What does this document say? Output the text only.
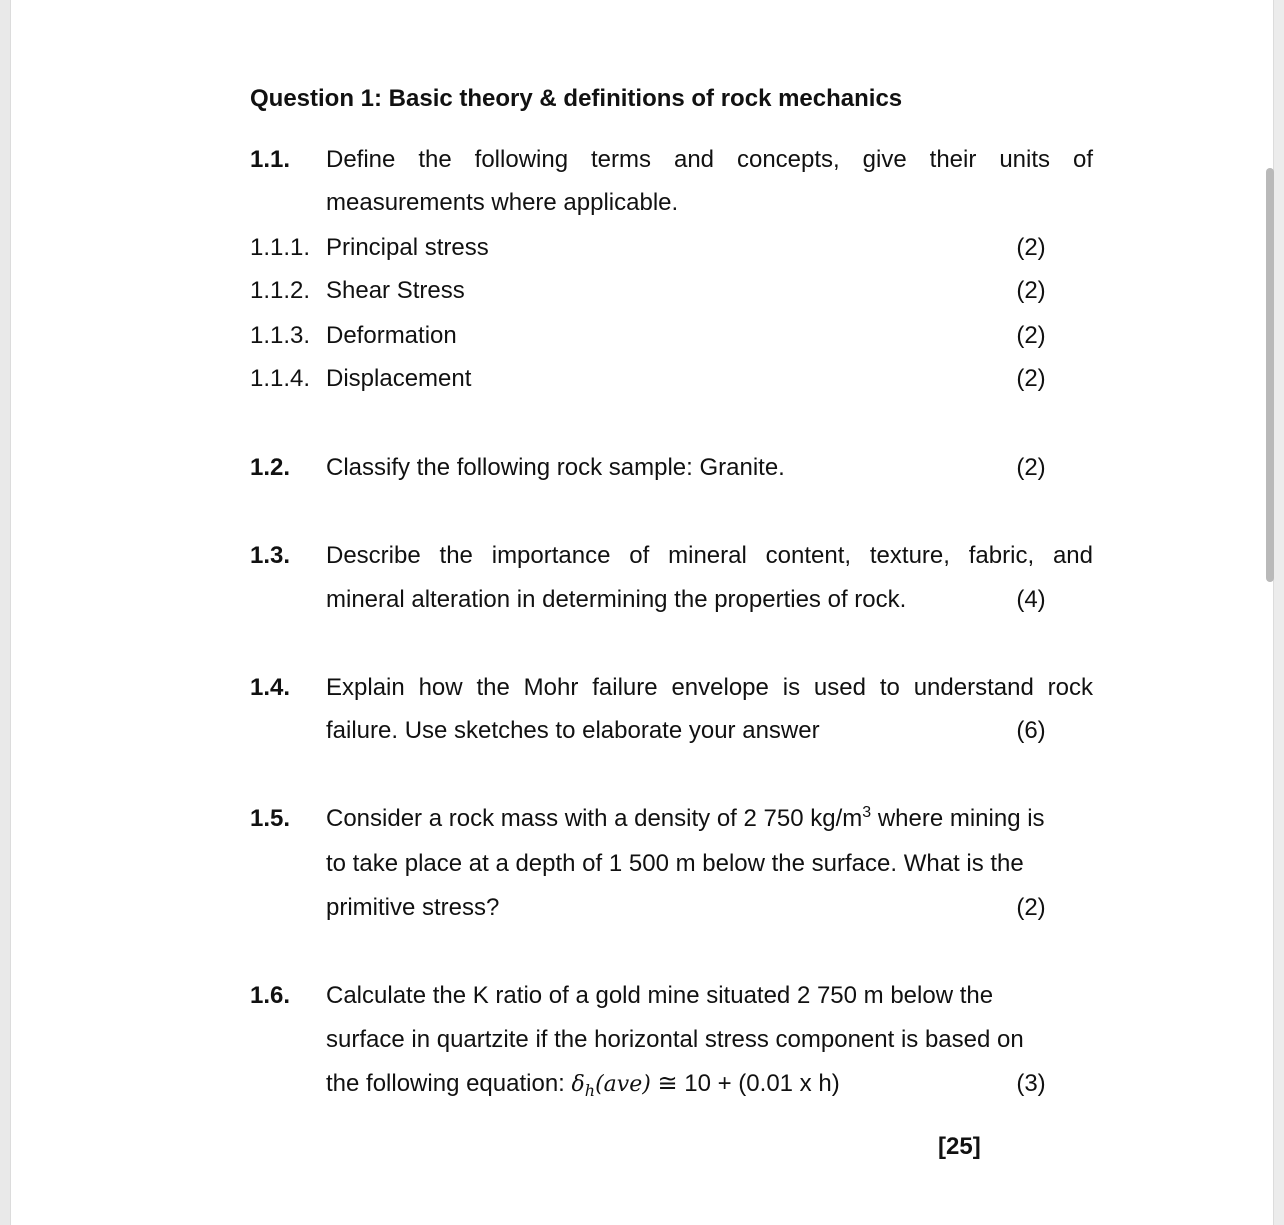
Question 1: Basic theory & definitions of rock mechanics
1.1. Define the following terms and concepts, give their units of
measurements where applicable.
1.1.1. Principal stress	(2)
1.1.2. Shear Stress	(2)
1.1.3. Deformation	(2)
1.1.4. Displacement	(2)
1.2. Classify the following rock sample: Granite.	(2)
1.3. Describe the importance of mineral content, texture, fabric, and
mineral alteration in determining the properties of rock.	(4)
1.4. Explain how the Mohr failure envelope is used to understand rock
failure. Use sketches to elaborate your answer	(6)
1.5. Consider a rock mass with a density of 2 750 $kg/m^3$ where mining is
to take place at a depth of 1 500 m below the surface. What is the
primitive stress?	(2)
1.6. Calculate the K ratio of a gold mine situated 2 750 m below the
surface in quartzite if the horizontal stress component is based on
the following equation: $\delta_h(ave)$ ≅ 10 + (0.01 x h)	(3)
[25]
